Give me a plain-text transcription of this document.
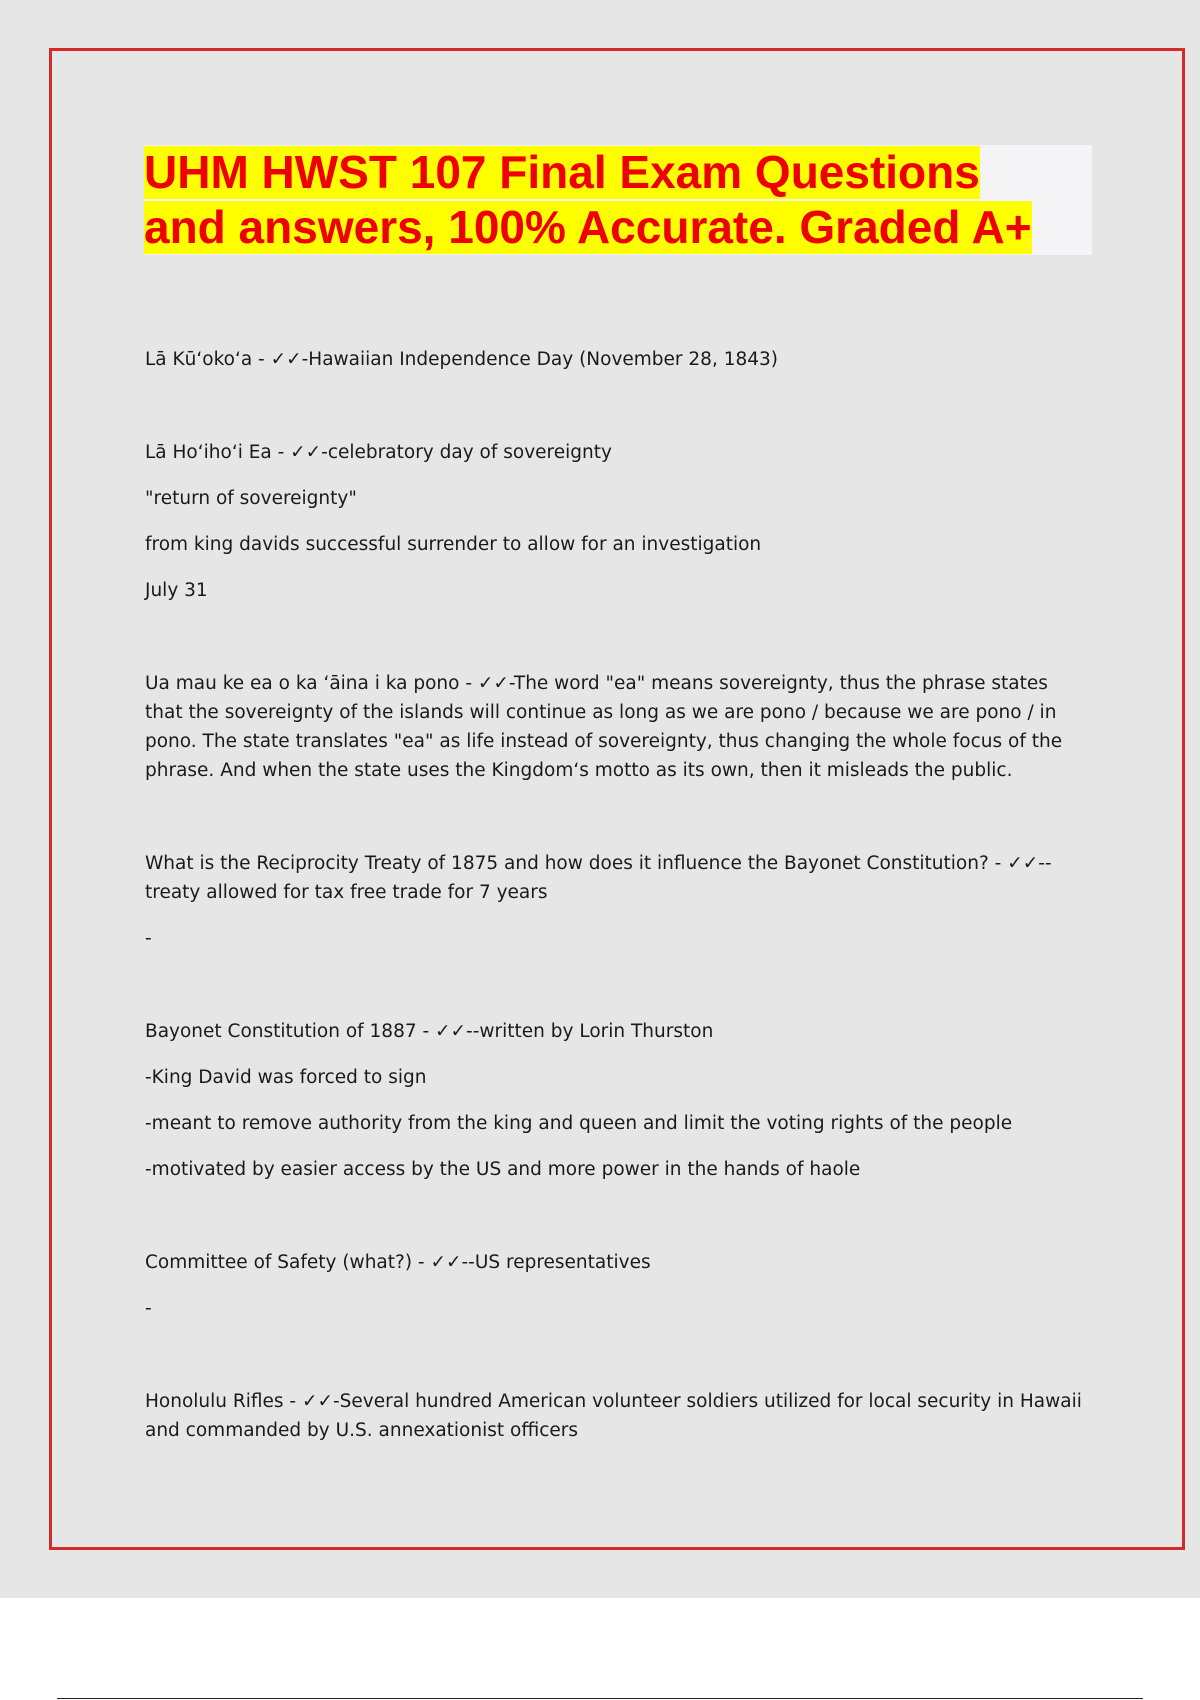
UHM HWST 107 Final Exam Questions
and answers, 100% Accurate. Graded A+

Lā Kūʻokoʻa - ✓✓-Hawaiian Independence Day (November 28, 1843)

Lā Hoʻihoʻi Ea - ✓✓-celebratory day of sovereignty

"return of sovereignty"

from king davids successful surrender to allow for an investigation

July 31

Ua mau ke ea o ka ʻāina i ka pono - ✓✓-The word "ea" means sovereignty, thus the phrase states that the sovereignty of the islands will continue as long as we are pono / because we are pono / in pono. The state translates "ea" as life instead of sovereignty, thus changing the whole focus of the phrase. And when the state uses the Kingdomʻs motto as its own, then it misleads the public.

What is the Reciprocity Treaty of 1875 and how does it influence the Bayonet Constitution? - ✓✓--treaty allowed for tax free trade for 7 years

-

Bayonet Constitution of 1887 - ✓✓--written by Lorin Thurston

-King David was forced to sign

-meant to remove authority from the king and queen and limit the voting rights of the people

-motivated by easier access by the US and more power in the hands of haole

Committee of Safety (what?) - ✓✓--US representatives

-

Honolulu Rifles - ✓✓-Several hundred American volunteer soldiers utilized for local security in Hawaii and commanded by U.S. annexationist officers
